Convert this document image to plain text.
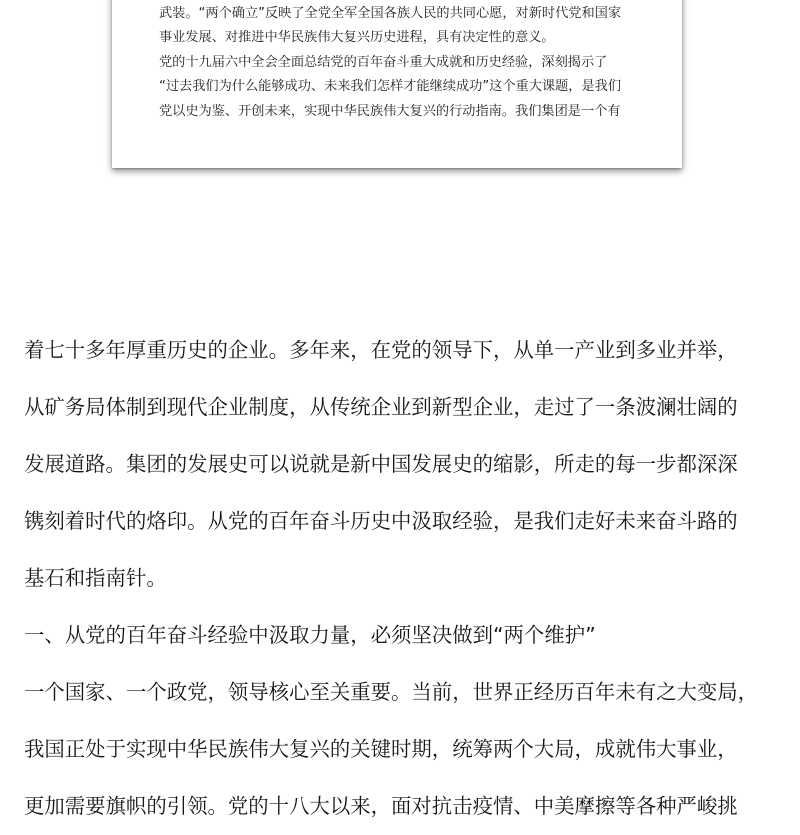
武装。“两个确立”反映了全党全军全国各族人民的共同心愿，对新时代党和国家

事业发展、对推进中华民族伟大复兴历史进程，具有决定性的意义。

党的十九届六中全会全面总结党的百年奋斗重大成就和历史经验，深刻揭示了

“过去我们为什么能够成功、未来我们怎样才能继续成功”这个重大课题，是我们

党以史为鉴、开创未来，实现中华民族伟大复兴的行动指南。我们集团是一个有

着七十多年厚重历史的企业。多年来，在党的领导下，从单一产业到多业并举，

从矿务局体制到现代企业制度，从传统企业到新型企业，走过了一条波澜壮阔的

发展道路。集团的发展史可以说就是新中国发展史的缩影，所走的每一步都深深

镌刻着时代的烙印。从党的百年奋斗历史中汲取经验，是我们走好未来奋斗路的

基石和指南针。

一、从党的百年奋斗经验中汲取力量，必须坚决做到“两个维护”

一个国家、一个政党，领导核心至关重要。当前，世界正经历百年未有之大变局，

我国正处于实现中华民族伟大复兴的关键时期，统筹两个大局，成就伟大事业，

更加需要旗帜的引领。党的十八大以来，面对抗击疫情、中美摩擦等各种严峻挑
